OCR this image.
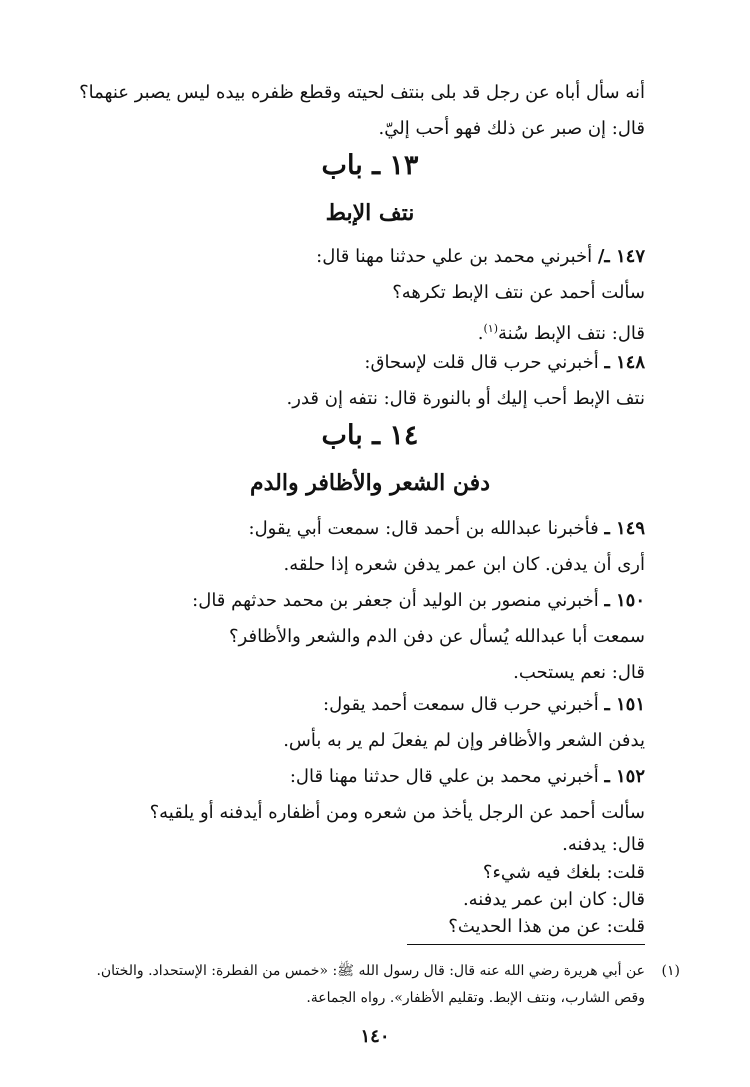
أنه سأل أباه عن رجل قد بلى بنتف لحيته وقطع ظفره بيده ليس يصبر عنهما؟
قال: إن صبر عن ذلك فهو أحب إليّ.
١٣ ـ باب
نتف الإبط
١٤٧ ـ/ أخبرني محمد بن علي حدثنا مهنا قال:
سألت أحمد عن نتف الإبط تكرهه؟
قال: نتف الإبط سُنة$^{(١)}$.
١٤٨ ـ أخبرني حرب قال قلت لإسحاق:
نتف الإبط أحب إليك أو بالنورة قال: نتفه إن قدر.
١٤ ـ باب
دفن الشعر والأظافر والدم
١٤٩ ـ فأخبرنا عبدالله بن أحمد قال: سمعت أبي يقول:
أرى أن يدفن. كان ابن عمر يدفن شعره إذا حلقه.
١٥٠ ـ أخبرني منصور بن الوليد أن جعفر بن محمد حدثهم قال:
سمعت أبا عبدالله يُسأل عن دفن الدم والشعر والأظافر؟
قال: نعم يستحب.
١٥١ ـ أخبرني حرب قال سمعت أحمد يقول:
يدفن الشعر والأظافر وإن لم يفعلَ لم ير به بأس.
١٥٢ ـ أخبرني محمد بن علي قال حدثنا مهنا قال:
سألت أحمد عن الرجل يأخذ من شعره ومن أظفاره أيدفنه أو يلقيه؟
قال: يدفنه.
قلت: بلغك فيه شيء؟
قال: كان ابن عمر يدفنه.
قلت: عن من هذا الحديث؟
(١)
عن أبي هريرة رضي الله عنه قال: قال رسول الله ﷺ: «خمس من الفطرة: الإستحداد. والختان. وقص الشارب، ونتف الإبط. وتقليم الأظفار». رواه الجماعة.
١٤٠
